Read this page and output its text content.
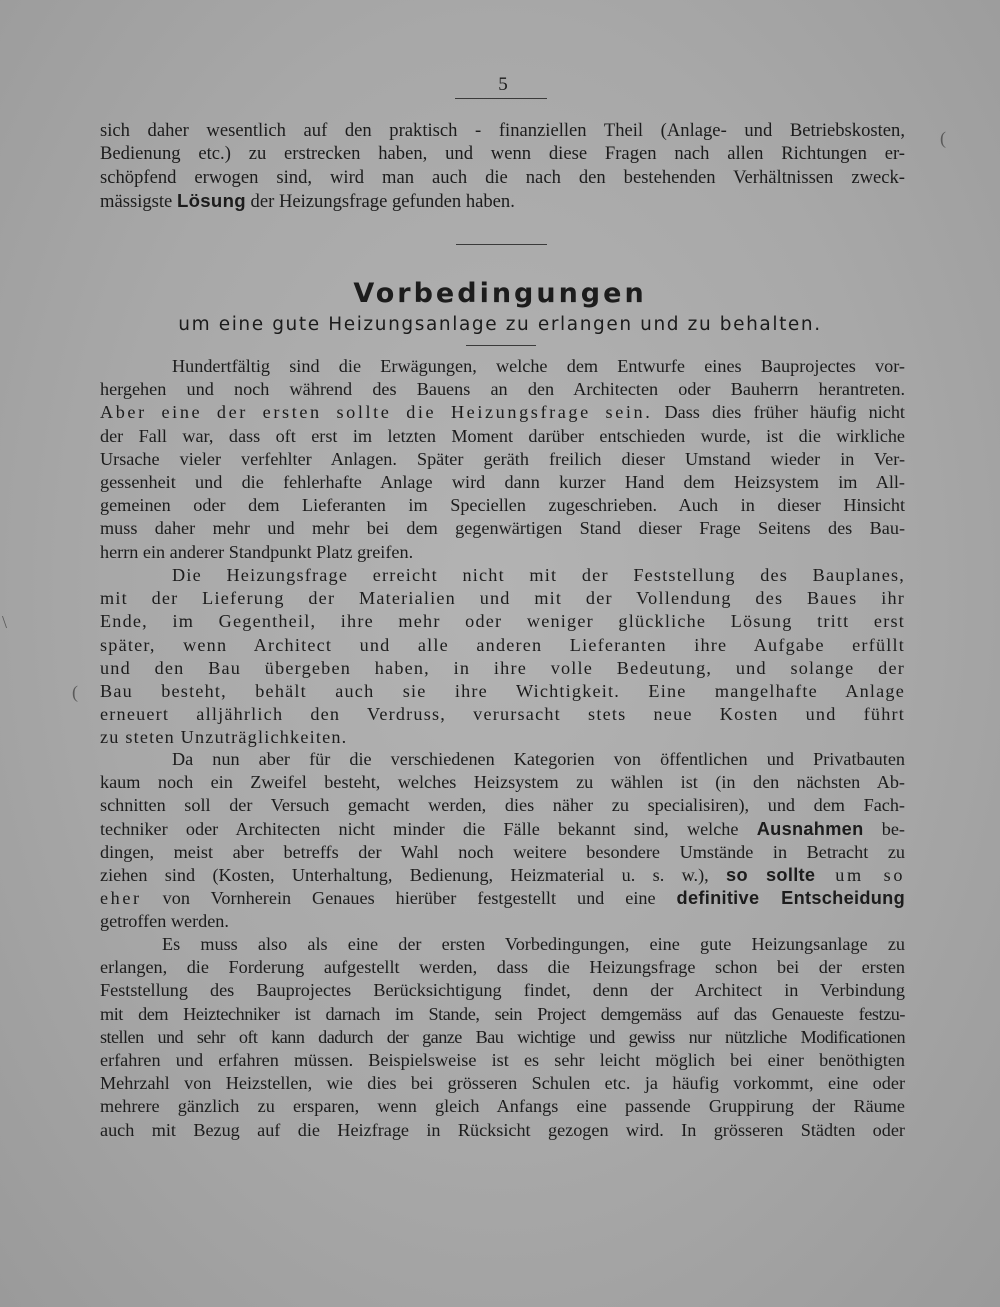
5
sich daher wesentlich auf den praktisch - finanziellen Theil (Anlage- und Betriebskosten,
Bedienung etc.) zu erstrecken haben, und wenn diese Fragen nach allen Richtungen er-
schöpfend erwogen sind, wird man auch die nach den bestehenden Verhältnissen zweck-
mässigste Lösung der Heizungsfrage gefunden haben.
Vorbedingungen
um eine gute Heizungsanlage zu erlangen und zu behalten.
Hundertfältig sind die Erwägungen, welche dem Entwurfe eines Bauprojectes vor-
hergehen und noch während des Bauens an den Architecten oder Bauherrn herantreten.
Aber eine der ersten sollte die Heizungsfrage sein. Dass dies früher häufig nicht
der Fall war, dass oft erst im letzten Moment darüber entschieden wurde, ist die wirkliche
Ursache vieler verfehlter Anlagen. Später geräth freilich dieser Umstand wieder in Ver-
gessenheit und die fehlerhafte Anlage wird dann kurzer Hand dem Heizsystem im All-
gemeinen oder dem Lieferanten im Speciellen zugeschrieben. Auch in dieser Hinsicht
muss daher mehr und mehr bei dem gegenwärtigen Stand dieser Frage Seitens des Bau-
herrn ein anderer Standpunkt Platz greifen.
Die Heizungsfrage erreicht nicht mit der Feststellung des Bauplanes,
mit der Lieferung der Materialien und mit der Vollendung des Baues ihr
Ende, im Gegentheil, ihre mehr oder weniger glückliche Lösung tritt erst
später, wenn Architect und alle anderen Lieferanten ihre Aufgabe erfüllt
und den Bau übergeben haben, in ihre volle Bedeutung, und solange der
Bau besteht, behält auch sie ihre Wichtigkeit. Eine mangelhafte Anlage
erneuert alljährlich den Verdruss, verursacht stets neue Kosten und führt
zu steten Unzuträglichkeiten.
Da nun aber für die verschiedenen Kategorien von öffentlichen und Privatbauten
kaum noch ein Zweifel besteht, welches Heizsystem zu wählen ist (in den nächsten Ab-
schnitten soll der Versuch gemacht werden, dies näher zu specialisiren), und dem Fach-
techniker oder Architecten nicht minder die Fälle bekannt sind, welche Ausnahmen be-
dingen, meist aber betreffs der Wahl noch weitere besondere Umstände in Betracht zu
ziehen sind (Kosten, Unterhaltung, Bedienung, Heizmaterial u. s. w.), so sollte um so
eher von Vornherein Genaues hierüber festgestellt und eine definitive Entscheidung
getroffen werden.
Es muss also als eine der ersten Vorbedingungen, eine gute Heizungsanlage zu
erlangen, die Forderung aufgestellt werden, dass die Heizungsfrage schon bei der ersten
Feststellung des Bauprojectes Berücksichtigung findet, denn der Architect in Verbindung
mit dem Heiztechniker ist darnach im Stande, sein Project demgemäss auf das Genaueste festzu-
stellen und sehr oft kann dadurch der ganze Bau wichtige und gewiss nur nützliche Modificationen
erfahren und erfahren müssen. Beispielsweise ist es sehr leicht möglich bei einer benöthigten
Mehrzahl von Heizstellen, wie dies bei grösseren Schulen etc. ja häufig vorkommt, eine oder
mehrere gänzlich zu ersparen, wenn gleich Anfangs eine passende Gruppirung der Räume
auch mit Bezug auf die Heizfrage in Rücksicht gezogen wird. In grösseren Städten oder
(
(
\
